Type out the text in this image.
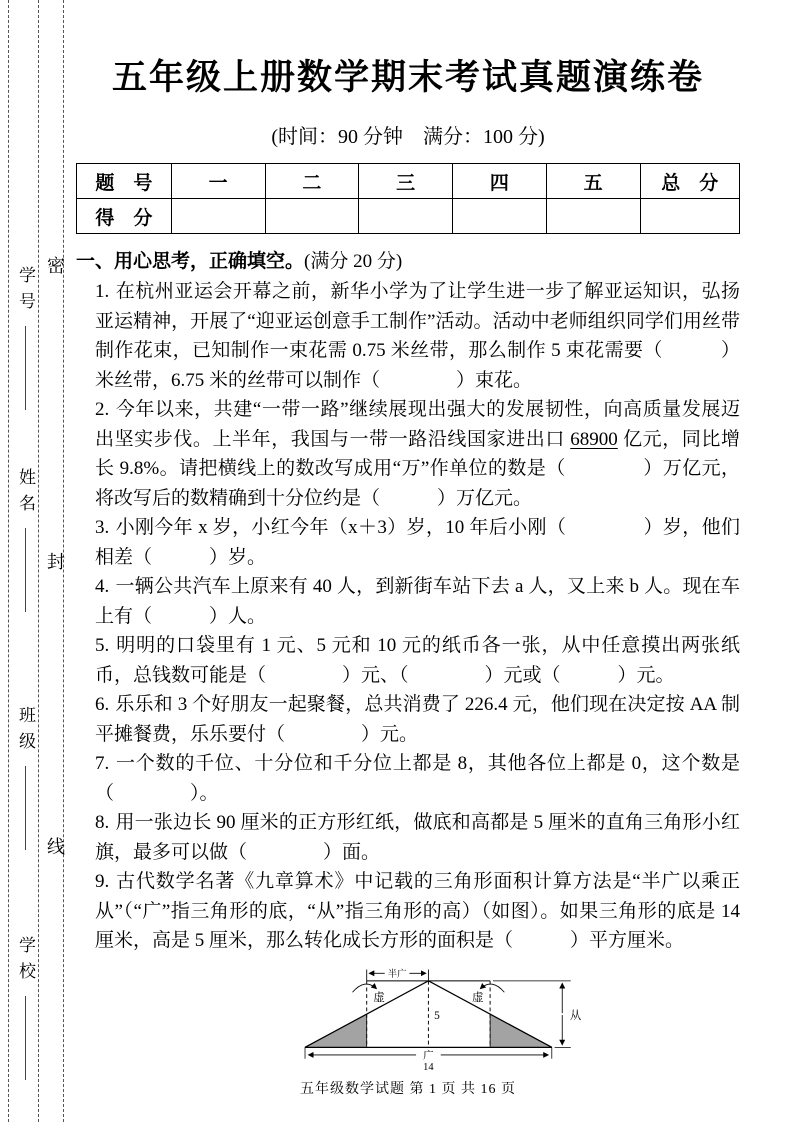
学号
姓名
班级
学校
密
封
线
五年级上册数学期末考试真题演练卷
(时间：90 分钟　满分：100 分)
题　号	一	二	三	四	五	总　分
得　分						
一、用心思考，正确填空。(满分 20 分)

1. 在杭州亚运会开幕之前，新华小学为了让学生进一步了解亚运知识，弘扬亚运精神，开展了“迎亚运创意手工制作”活动。活动中老师组织同学们用丝带制作花束，已知制作一束花需 0.75 米丝带，那么制作 5 束花需要（　　　）米丝带，6.75 米的丝带可以制作（　　　　）束花。

2. 今年以来，共建“一带一路”继续展现出强大的发展韧性，向高质量发展迈出坚实步伐。上半年，我国与一带一路沿线国家进出口 68900 亿元，同比增长 9.8%。请把横线上的数改写成用“万”作单位的数是（　　　　）万亿元，将改写后的数精确到十分位约是（　　　）万亿元。

3. 小刚今年 x 岁，小红今年（x＋3）岁，10 年后小刚（　　　　）岁，他们相差（　　　）岁。

4. 一辆公共汽车上原来有 40 人，到新街车站下去 a 人，又上来 b 人。现在车上有（　　　）人。

5. 明明的口袋里有 1 元、5 元和 10 元的纸币各一张，从中任意摸出两张纸币，总钱数可能是（　　　　）元、（　　　　）元或（　　　）元。

6. 乐乐和 3 个好朋友一起聚餐，总共消费了 226.4 元，他们现在决定按 AA 制平摊餐费，乐乐要付（　　　　）元。

7. 一个数的千位、十分位和千分位上都是 8，其他各位上都是 0，这个数是（　　　　）。

8. 用一张边长 90 厘米的正方形红纸，做底和高都是 5 厘米的直角三角形小红旗，最多可以做（　　　　）面。

9. 古代数学名著《九章算术》中记载的三角形面积计算方法是“半广以乘正从”（“广”指三角形的底，“从”指三角形的高）（如图）。如果三角形的底是 14 厘米，高是 5 厘米，那么转化成长方形的面积是（　　　）平方厘米。

半广
虚	虚
5	从
广
14
五年级数学试题 第 1 页 共 16 页
